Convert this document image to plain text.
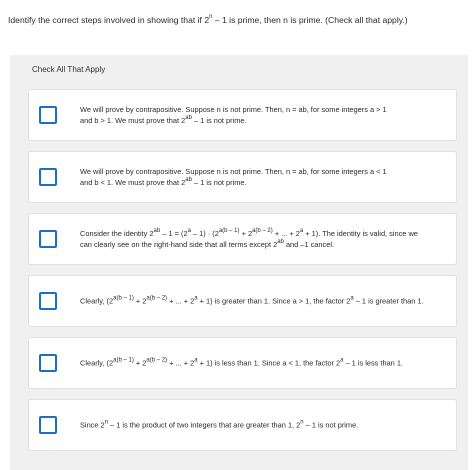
Identify the correct steps involved in showing that if 2$^n$ – 1 is prime, then n is prime. (Check all that apply.)
Check All That Apply
We will prove by contrapositive. Suppose n is not prime. Then, n = ab, for some integers a > 1
and b > 1. We must prove that $2^{ab} - 1$ is not prime.
We will prove by contrapositive. Suppose n is not prime. Then, n = ab, for some integers a < 1
and b < 1. We must prove that $2^{ab} - 1$ is not prime.
Consider the identity $2^{ab} - 1 = (2^a - 1) \cdot (2^{a(b - 1)} + 2^{a(b - 2)}$ + ... + $2^a + 1$). The identity is valid, since we can clearly see on the right-hand side that all terms except $2^{ab}$ and –1 cancel.
Clearly, ($2^{a(b - 1)} + 2^{a(b - 2)}$ + ... + $2^a + 1$) is greater than 1. Since a > 1, the factor 2$^a$ – 1 is greater than 1.
Clearly, ($2^{a(b - 1)} + 2^{a(b - 2)}$ + ... + $2^a + 1$) is less than 1. Since a < 1, the factor 2$^a$ – 1 is less than 1.
Since 2$^n$ – 1 is the product of two integers that are greater than 1, 2$^n$ – 1 is not prime.
